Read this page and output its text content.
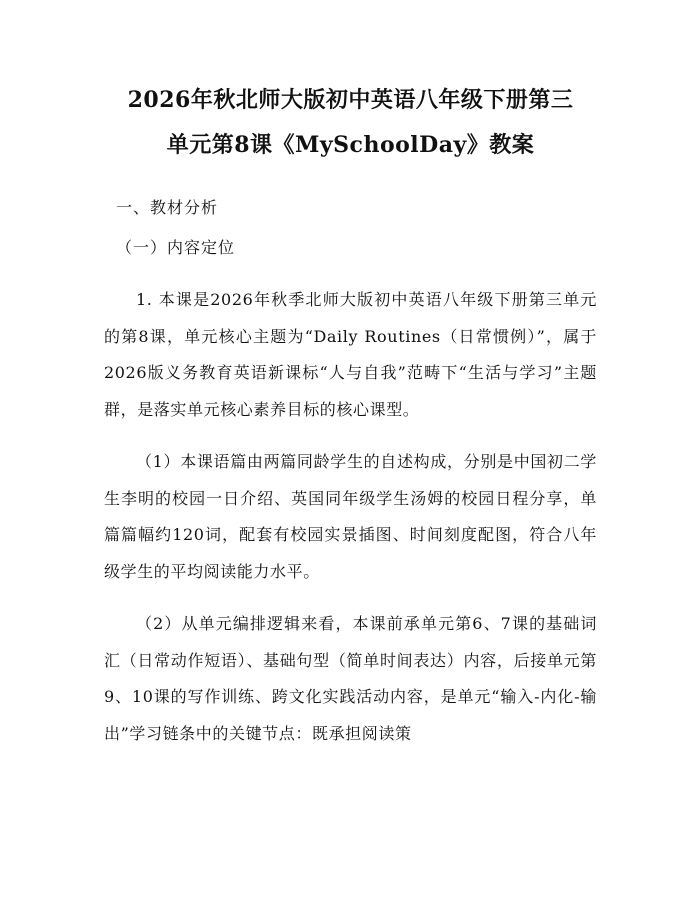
2026年秋北师大版初中英语八年级下册第三
单元第8课《MySchoolDay》教案
一、教材分析
（一）内容定位

1. 本课是2026年秋季北师大版初中英语八年级下册第三单元的第8课，单元核心主题为“Daily Routines（日常惯例）”，属于2026版义务教育英语新课标“人与自我”范畴下“生活与学习”主题群，是落实单元核心素养目标的核心课型。

（1）本课语篇由两篇同龄学生的自述构成，分别是中国初二学生李明的校园一日介绍、英国同年级学生汤姆的校园日程分享，单篇篇幅约120词，配套有校园实景插图、时间刻度配图，符合八年级学生的平均阅读能力水平。

（2）从单元编排逻辑来看，本课前承单元第6、7课的基础词汇（日常动作短语）、基础句型（简单时间表达）内容，后接单元第9、10课的写作训练、跨文化实践活动内容，是单元“输入-内化-输出”学习链条中的关键节点：既承担阅读策
